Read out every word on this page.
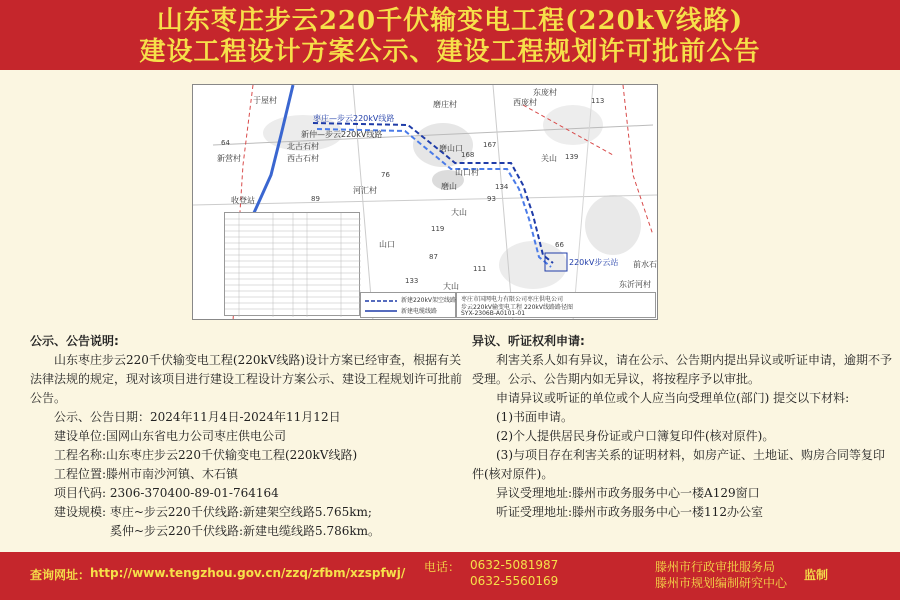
山东枣庄步云220千伏输变电工程(220kV线路)
建设工程设计方案公示、建设工程规划许可批前公告
于屋村
枣庄—步云220kV线路
新仲—步云220kV线路
磨庄村
北古石村
西古石村
新营村
河汇村
收登站
西庞村
东庞村
磨山口
磨山
山口村
大山
关山
220kV步云站
东沂河村
前水石
山口
大山
113
167
139
134
93
119
87
111
133
66
76
64
89
168
新建220kV架空线路
新建电缆线路
枣庄市国网电力有限公司枣庄供电公司
步云220kV输变电工程 220kV线路路径图
SYX-2306B-A0101-01
公示、公告说明:
山东枣庄步云220千伏输变电工程(220kV线路)设计方案已经审查，根据有关法律法规的规定，现对该项目进行建设工程设计方案公示、建设工程规划许可批前公告。
公示、公告日期：2024年11月4日-2024年11月12日
建设单位:国网山东省电力公司枣庄供电公司
工程名称:山东枣庄步云220千伏输变电工程(220kV线路)
工程位置:滕州市南沙河镇、木石镇
项目代码: 2306-370400-89-01-764164
建设规模: 枣庄~步云220千伏线路:新建架空线路5.765km;
奚仲~步云220千伏线路:新建电缆线路5.786km。
异议、听证权利申请:
利害关系人如有异议，请在公示、公告期内提出异议或听证申请，逾期不予受理。公示、公告期内如无异议，将按程序予以审批。
申请异议或听证的单位或个人应当向受理单位(部门) 提交以下材料:
(1)书面申请。
(2)个人提供居民身份证或户口簿复印件(核对原件)。
(3)与项目存在利害关系的证明材料，如房产证、土地证、购房合同等复印件(核对原件)。
异议受理地址:滕州市政务服务中心一楼A129窗口
听证受理地址:滕州市政务服务中心一楼112办公室
查询网址： http://www.tengzhou.gov.cn/zzq/zfbm/xzspfwj/ 电话： 0632-5081987
0632-5560169
滕州市行政审批服务局
滕州市规划编制研究中心
监制
